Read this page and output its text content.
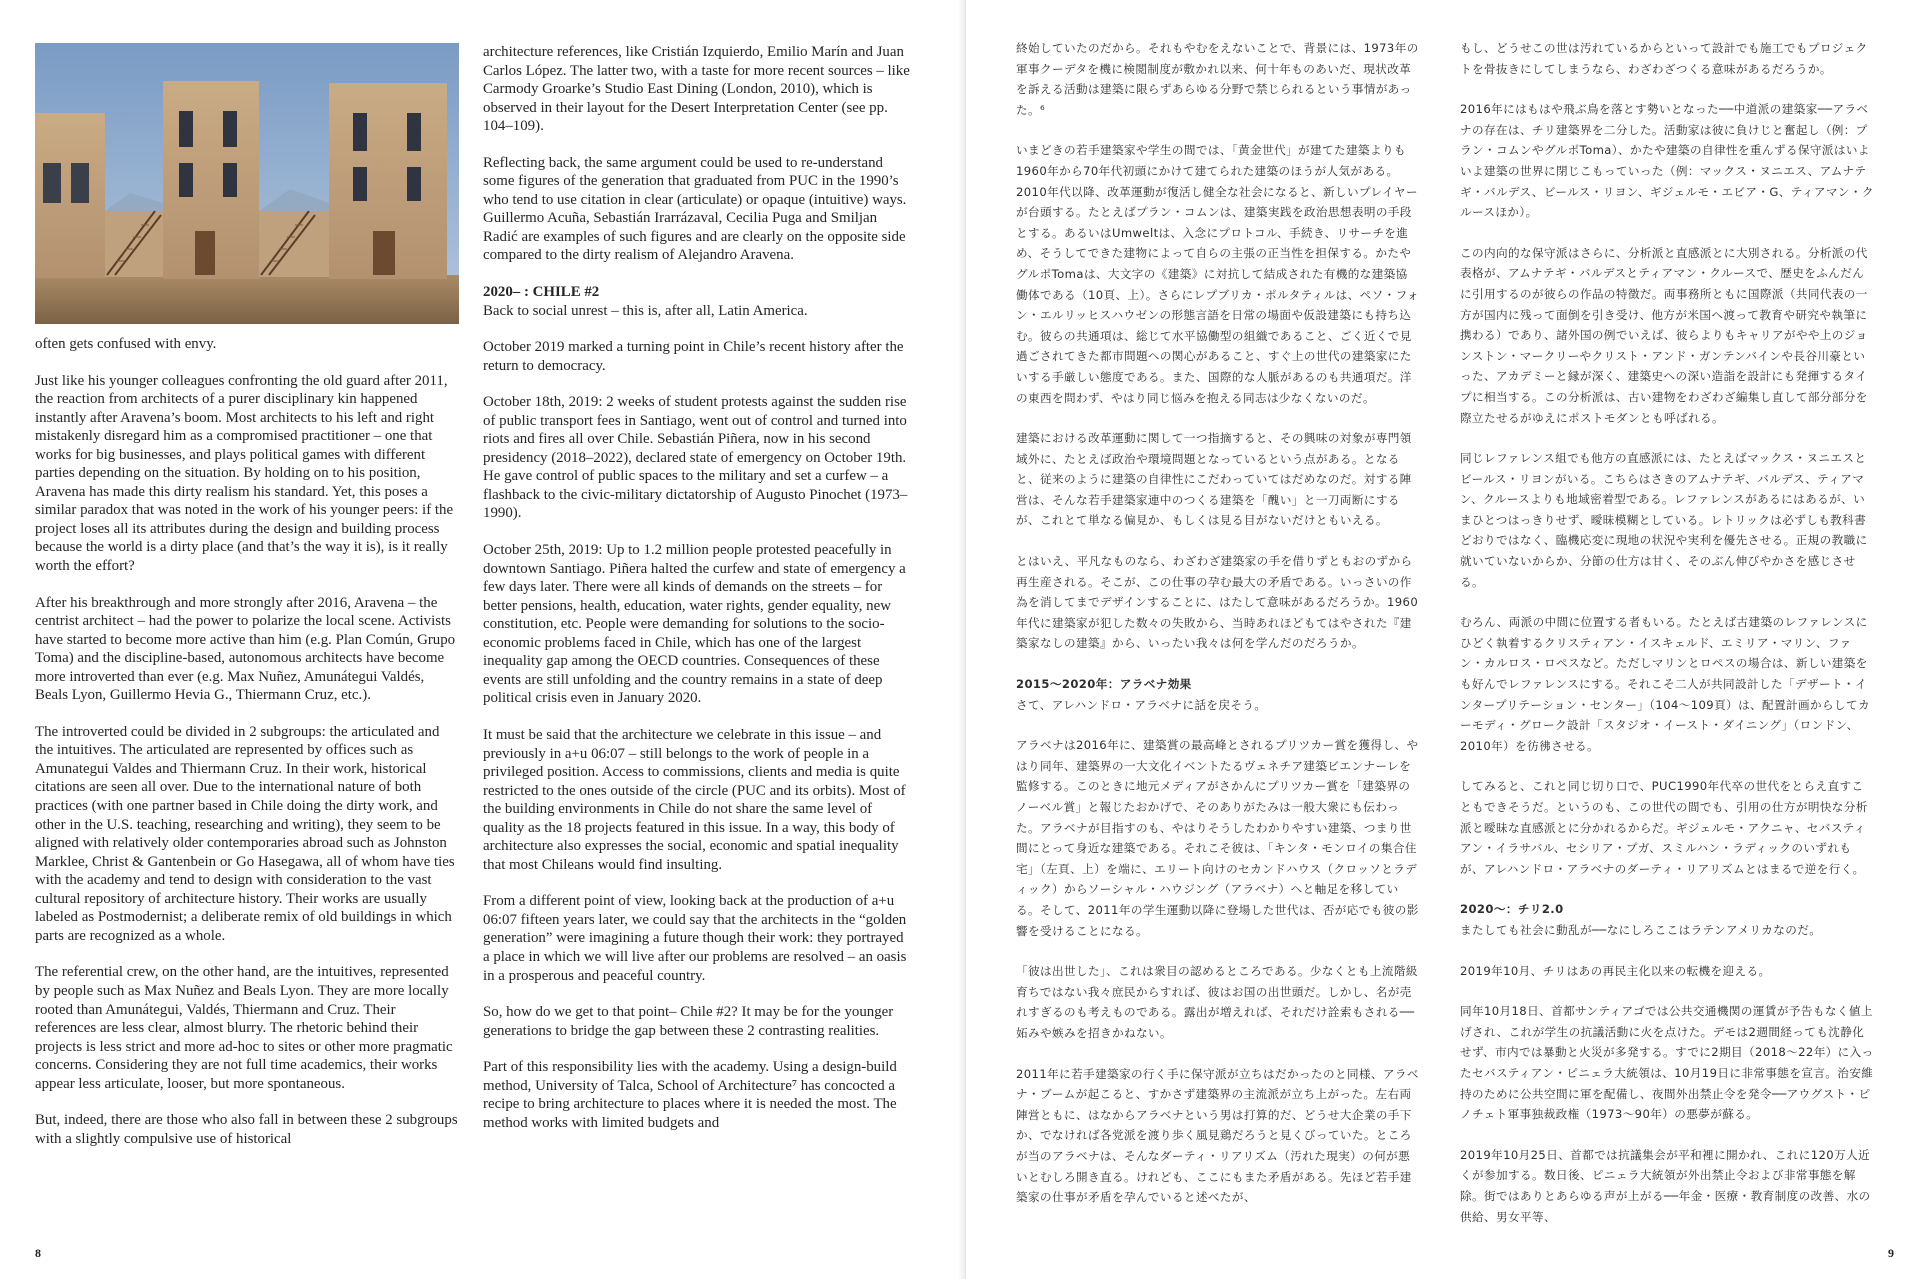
often gets confused with envy.

Just like his younger colleagues confronting the old guard after 2011, the reaction from architects of a purer disciplinary kin happened instantly after Aravena’s boom. Most architects to his left and right mistakenly disregard him as a compromised practitioner – one that works for big businesses, and plays political games with different parties depending on the situation. By holding on to his position, Aravena has made this dirty realism his standard. Yet, this poses a similar paradox that was noted in the work of his younger peers: if the project loses all its attributes during the design and building process because the world is a dirty place (and that’s the way it is), is it really worth the effort?

After his breakthrough and more strongly after 2016, Aravena – the centrist architect – had the power to polarize the local scene. Activists have started to become more active than him (e.g. Plan Común, Grupo Toma) and the discipline-based, autonomous architects have become more introverted than ever (e.g. Max Nuñez, Amunátegui Valdés, Beals Lyon, Guillermo Hevia G., Thiermann Cruz, etc.).

The introverted could be divided in 2 subgroups: the articulated and the intuitives. The articulated are represented by offices such as Amunategui Valdes and Thiermann Cruz. In their work, historical citations are seen all over. Due to the international nature of both practices (with one partner based in Chile doing the dirty work, and other in the U.S. teaching, researching and writing), they seem to be aligned with relatively older contemporaries abroad such as Johnston Marklee, Christ & Gantenbein or Go Hasegawa, all of whom have ties with the academy and tend to design with consideration to the vast cultural repository of architecture history. Their works are usually labeled as Postmodernist; a deliberate remix of old buildings in which parts are recognized as a whole.

The referential crew, on the other hand, are the intuitives, represented by people such as Max Nuñez and Beals Lyon. They are more locally rooted than Amunátegui, Valdés, Thiermann and Cruz. Their references are less clear, almost blurry. The rhetoric behind their projects is less strict and more ad-hoc to sites or other more pragmatic concerns. Considering they are not full time academics, their works appear less articulate, looser, but more spontaneous.

But, indeed, there are those who also fall in between these 2 subgroups with a slightly compulsive use of historical

architecture references, like Cristián Izquierdo, Emilio Marín and Juan Carlos López. The latter two, with a taste for more recent sources – like Carmody Groarke’s Studio East Dining (London, 2010), which is observed in their layout for the Desert Interpretation Center (see pp. 104–109).

Reflecting back, the same argument could be used to re-understand some figures of the generation that graduated from PUC in the 1990’s who tend to use citation in clear (articulate) or opaque (intuitive) ways. Guillermo Acuña, Sebastián Irarrázaval, Cecilia Puga and Smiljan Radić are examples of such figures and are clearly on the opposite side compared to the dirty realism of Alejandro Aravena.

2020– : CHILE #2

Back to social unrest – this is, after all, Latin America.

October 2019 marked a turning point in Chile’s recent history after the return to democracy.

October 18th, 2019: 2 weeks of student protests against the sudden rise of public transport fees in Santiago, went out of control and turned into riots and fires all over Chile. Sebastián Piñera, now in his second presidency (2018–2022), declared state of emergency on October 19th. He gave control of public spaces to the military and set a curfew – a flashback to the civic-military dictatorship of Augusto Pinochet (1973–1990).

October 25th, 2019: Up to 1.2 million people protested peacefully in downtown Santiago. Piñera halted the curfew and state of emergency a few days later. There were all kinds of demands on the streets – for better pensions, health, education, water rights, gender equality, new constitution, etc. People were demanding for solutions to the socio-economic problems faced in Chile, which has one of the largest inequality gap among the OECD countries. Consequences of these events are still unfolding and the country remains in a state of deep political crisis even in January 2020.

It must be said that the architecture we celebrate in this issue – and previously in a+u 06:07 – still belongs to the work of people in a privileged position. Access to commissions, clients and media is quite restricted to the ones outside of the circle (PUC and its orbits). Most of the building environments in Chile do not share the same level of quality as the 18 projects featured in this issue. In a way, this body of architecture also expresses the social, economic and spatial inequality that most Chileans would find insulting.

From a different point of view, looking back at the production of a+u 06:07 fifteen years later, we could say that the architects in the “golden generation” were imagining a future though their work: they portrayed a place in which we will live after our problems are resolved – an oasis in a prosperous and peaceful country.

So, how do we get to that point– Chile #2? It may be for the younger generations to bridge the gap between these 2 contrasting realities.

Part of this responsibility lies with the academy. Using a design-build method, University of Talca, School of Architecture⁷ has concocted a recipe to bring architecture to places where it is needed the most. The method works with limited budgets and

8

終始していたのだから。それもやむをえないことで、背景には、1973年の軍事クーデタを機に検閲制度が敷かれ以来、何十年ものあいだ、現状改革を訴える活動は建築に限らずあらゆる分野で禁じられるという事情があった。⁶

いまどきの若手建築家や学生の間では、「黄金世代」が建てた建築よりも1960年から70年代初頭にかけて建てられた建築のほうが人気がある。2010年代以降、改革運動が復活し健全な社会になると、新しいプレイヤーが台頭する。たとえばプラン・コムンは、建築実践を政治思想表明の手段とする。あるいはUmweltは、入念にプロトコル、手続き、リサーチを進め、そうしてできた建物によって自らの主張の正当性を担保する。かたやグルポTomaは、大文字の《建築》に対抗して結成された有機的な建築協働体である（10頁、上）。さらにレプブリカ・ポルタティルは、ペソ・フォン・エルリッヒスハウゼンの形態言語を日常の場面や仮設建築にも持ち込む。彼らの共通項は、総じて水平協働型の組織であること、ごく近くで見過ごされてきた都市問題への関心があること、すぐ上の世代の建築家にたいする手厳しい態度である。また、国際的な人脈があるのも共通項だ。洋の東西を問わず、やはり同じ悩みを抱える同志は少なくないのだ。

建築における改革運動に関して一つ指摘すると、その興味の対象が専門領域外に、たとえば政治や環境問題となっているという点がある。となると、従来のように建築の自律性にこだわっていてはだめなのだ。対する陣営は、そんな若手建築家連中のつくる建築を「醜い」と一刀両断にするが、これとて単なる偏見か、もしくは見る目がないだけともいえる。

とはいえ、平凡なものなら、わざわざ建築家の手を借りずともおのずから再生産される。そこが、この仕事の孕む最大の矛盾である。いっさいの作為を消してまでデザインすることに、はたして意味があるだろうか。1960年代に建築家が犯した数々の失敗から、当時あれほどもてはやされた『建築家なしの建築』から、いったい我々は何を学んだのだろうか。

2015～2020年：アラベナ効果

さて、アレハンドロ・アラベナに話を戻そう。

アラベナは2016年に、建築賞の最高峰とされるプリツカー賞を獲得し、やはり同年、建築界の一大文化イベントたるヴェネチア建築ビエンナーレを監修する。このときに地元メディアがさかんにプリツカー賞を「建築界のノーベル賞」と報じたおかげで、そのありがたみは一般大衆にも伝わった。アラベナが目指すのも、やはりそうしたわかりやすい建築、つまり世間にとって身近な建築である。それこそ彼は、「キンタ・モンロイの集合住宅」（左頁、上）を端に、エリート向けのセカンドハウス（クロッソとラディック）からソーシャル・ハウジング（アラベナ）へと軸足を移している。そして、2011年の学生運動以降に登場した世代は、否が応でも彼の影響を受けることになる。

「彼は出世した」、これは衆目の認めるところである。少なくとも上流階級育ちではない我々庶民からすれば、彼はお国の出世頭だ。しかし、名が売れすぎるのも考えものである。露出が増えれば、それだけ詮索もされる──妬みや嫉みを招きかねない。

2011年に若手建築家の行く手に保守派が立ちはだかったのと同様、アラベナ・ブームが起こると、すかさず建築界の主流派が立ち上がった。左右両陣営ともに、はなからアラベナという男は打算的だ、どうせ大企業の手下か、でなければ各党派を渡り歩く風見鶏だろうと見くびっていた。ところが当のアラベナは、そんなダーティ・リアリズム（汚れた現実）の何が悪いとむしろ開き直る。けれども、ここにもまた矛盾がある。先ほど若手建築家の仕事が矛盾を孕んでいると述べたが、

もし、どうせこの世は汚れているからといって設計でも施工でもプロジェクトを骨抜きにしてしまうなら、わざわざつくる意味があるだろうか。

2016年にはもはや飛ぶ鳥を落とす勢いとなった──中道派の建築家──アラベナの存在は、チリ建築界を二分した。活動家は彼に負けじと奮起し（例：プラン・コムンやグルポToma）、かたや建築の自律性を重んずる保守派はいよいよ建築の世界に閉じこもっていった（例：マックス・ヌニエス、アムナテギ・バルデス、ビールス・リヨン、ギジェルモ・エビア・G、ティアマン・クルースほか）。

この内向的な保守派はさらに、分析派と直感派とに大別される。分析派の代表格が、アムナテギ・バルデスとティアマン・クルースで、歴史をふんだんに引用するのが彼らの作品の特徴だ。両事務所ともに国際派（共同代表の一方が国内に残って面倒を引き受け、他方が米国へ渡って教育や研究や執筆に携わる）であり、諸外国の例でいえば、彼らよりもキャリアがやや上のジョンストン・マークリーやクリスト・アンド・ガンテンバインや長谷川豪といった、アカデミーと縁が深く、建築史への深い造詣を設計にも発揮するタイプに相当する。この分析派は、古い建物をわざわざ編集し直して部分部分を際立たせるがゆえにポストモダンとも呼ばれる。

同じレファレンス組でも他方の直感派には、たとえばマックス・ヌニエスとビールス・リヨンがいる。こちらはさきのアムナテギ、バルデス、ティアマン、クルースよりも地域密着型である。レファレンスがあるにはあるが、いまひとつはっきりせず、曖昧模糊としている。レトリックは必ずしも教科書どおりではなく、臨機応変に現地の状況や実利を優先させる。正規の教職に就いていないからか、分節の仕方は甘く、そのぶん伸びやかさを感じさせる。

むろん、両派の中間に位置する者もいる。たとえば古建築のレファレンスにひどく執着するクリスティアン・イスキェルド、エミリア・マリン、ファン・カルロス・ロペスなど。ただしマリンとロペスの場合は、新しい建築をも好んでレファレンスにする。それこそ二人が共同設計した「デザート・インタープリテーション・センター」（104～109頁）は、配置計画からしてカーモディ・グローク設計「スタジオ・イースト・ダイニング」（ロンドン、2010年）を彷彿させる。

してみると、これと同じ切り口で、PUC1990年代卒の世代をとらえ直すこともできそうだ。というのも、この世代の間でも、引用の仕方が明快な分析派と曖昧な直感派とに分かれるからだ。ギジェルモ・アクニャ、セバスティアン・イラサバル、セシリア・プガ、スミルハン・ラディックのいずれもが、アレハンドロ・アラベナのダーティ・リアリズムとはまるで逆を行く。

2020～：チリ2.0

またしても社会に動乱が──なにしろここはラテンアメリカなのだ。

2019年10月、チリはあの再民主化以来の転機を迎える。

同年10月18日、首都サンティアゴでは公共交通機関の運賃が予告もなく値上げされ、これが学生の抗議活動に火を点けた。デモは2週間経っても沈静化せず、市内では暴動と火災が多発する。すでに2期目（2018～22年）に入ったセバスティアン・ピニェラ大統領は、10月19日に非常事態を宣言。治安維持のために公共空間に軍を配備し、夜間外出禁止令を発令──アウグスト・ピノチェト軍事独裁政権（1973～90年）の悪夢が蘇る。

2019年10月25日、首都では抗議集会が平和裡に開かれ、これに120万人近くが参加する。数日後、ピニェラ大統領が外出禁止令および非常事態を解除。街ではありとあらゆる声が上がる──年金・医療・教育制度の改善、水の供給、男女平等、

9
